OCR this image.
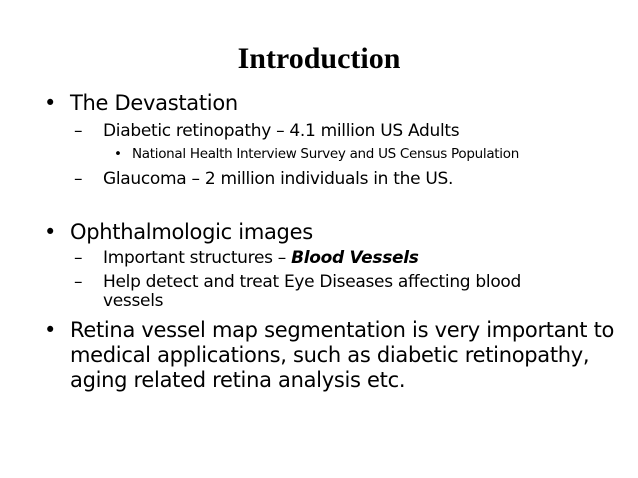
Introduction
• The Devastation
– Diabetic retinopathy – 4.1 million US Adults
• National Health Interview Survey and US Census Population
– Glaucoma – 2 million individuals in the US.
• Ophthalmologic images
– Important structures – Blood Vessels
– Help detect and treat Eye Diseases affecting blood
vessels
• Retina vessel map segmentation is very important to
medical applications, such as diabetic retinopathy,
aging related retina analysis etc.
